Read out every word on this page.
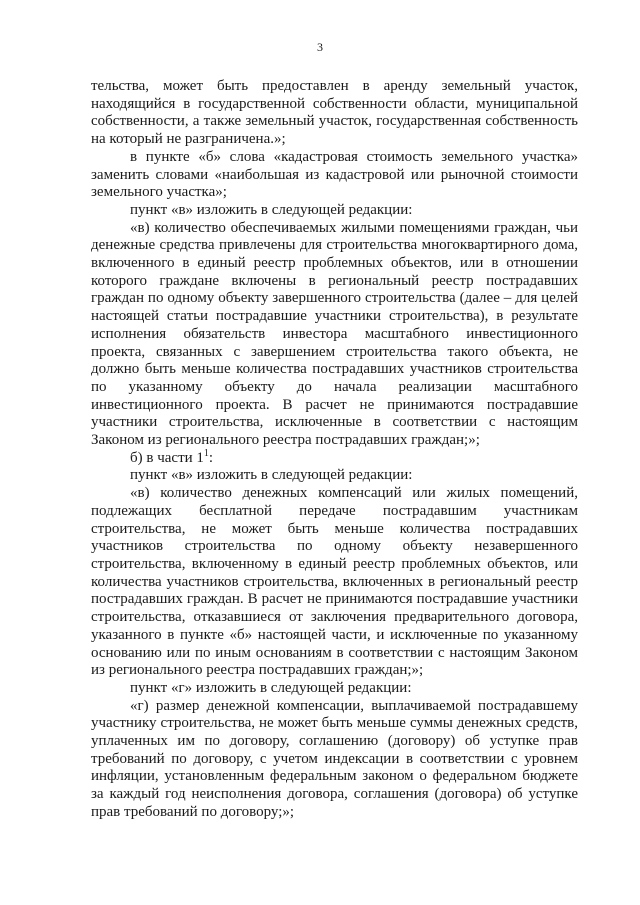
3

тельства, может быть предоставлен в аренду земельный участок, находящийся в государственной собственности области, муниципальной собственности, а также земельный участок, государственная собственность на который не разграничена.»;

в пункте «б» слова «кадастровая стоимость земельного участка» заменить словами «наибольшая из кадастровой или рыночной стоимости земельного участка»;

пункт «в» изложить в следующей редакции:

«в) количество обеспечиваемых жилыми помещениями граждан, чьи денежные средства привлечены для строительства многоквартирного дома, включенного в единый реестр проблемных объектов, или в отношении которого граждане включены в региональный реестр пострадавших граждан по одному объекту завершенного строительства (далее – для целей настоящей статьи пострадавшие участники строительства), в результате исполнения обязательств инвестора масштабного инвестиционного проекта, связанных с завершением строительства такого объекта, не должно быть меньше количества пострадавших участников строительства по указанному объекту до начала реализации масштабного инвестиционного проекта. В расчет не принимаются пострадавшие участники строительства, исключенные в соответствии с настоящим Законом из регионального реестра пострадавших граждан;»;

б) в части $1^1$:

пункт «в» изложить в следующей редакции:

«в) количество денежных компенсаций или жилых помещений, подлежащих бесплатной передаче пострадавшим участникам строительства, не может быть меньше количества пострадавших участников строительства по одному объекту незавершенного строительства, включенному в единый реестр проблемных объектов, или количества участников строительства, включенных в региональный реестр пострадавших граждан. В расчет не принимаются пострадавшие участники строительства, отказавшиеся от заключения предварительного договора, указанного в пункте «б» настоящей части, и исключенные по указанному основанию или по иным основаниям в соответствии с настоящим Законом из регионального реестра пострадавших граждан;»;

пункт «г» изложить в следующей редакции:

«г) размер денежной компенсации, выплачиваемой пострадавшему участнику строительства, не может быть меньше суммы денежных средств, уплаченных им по договору, соглашению (договору) об уступке прав требований по договору, с учетом индексации в соответствии с уровнем инфляции, установленным федеральным законом о федеральном бюджете за каждый год неисполнения договора, соглашения (договора) об уступке прав требований по договору;»;
